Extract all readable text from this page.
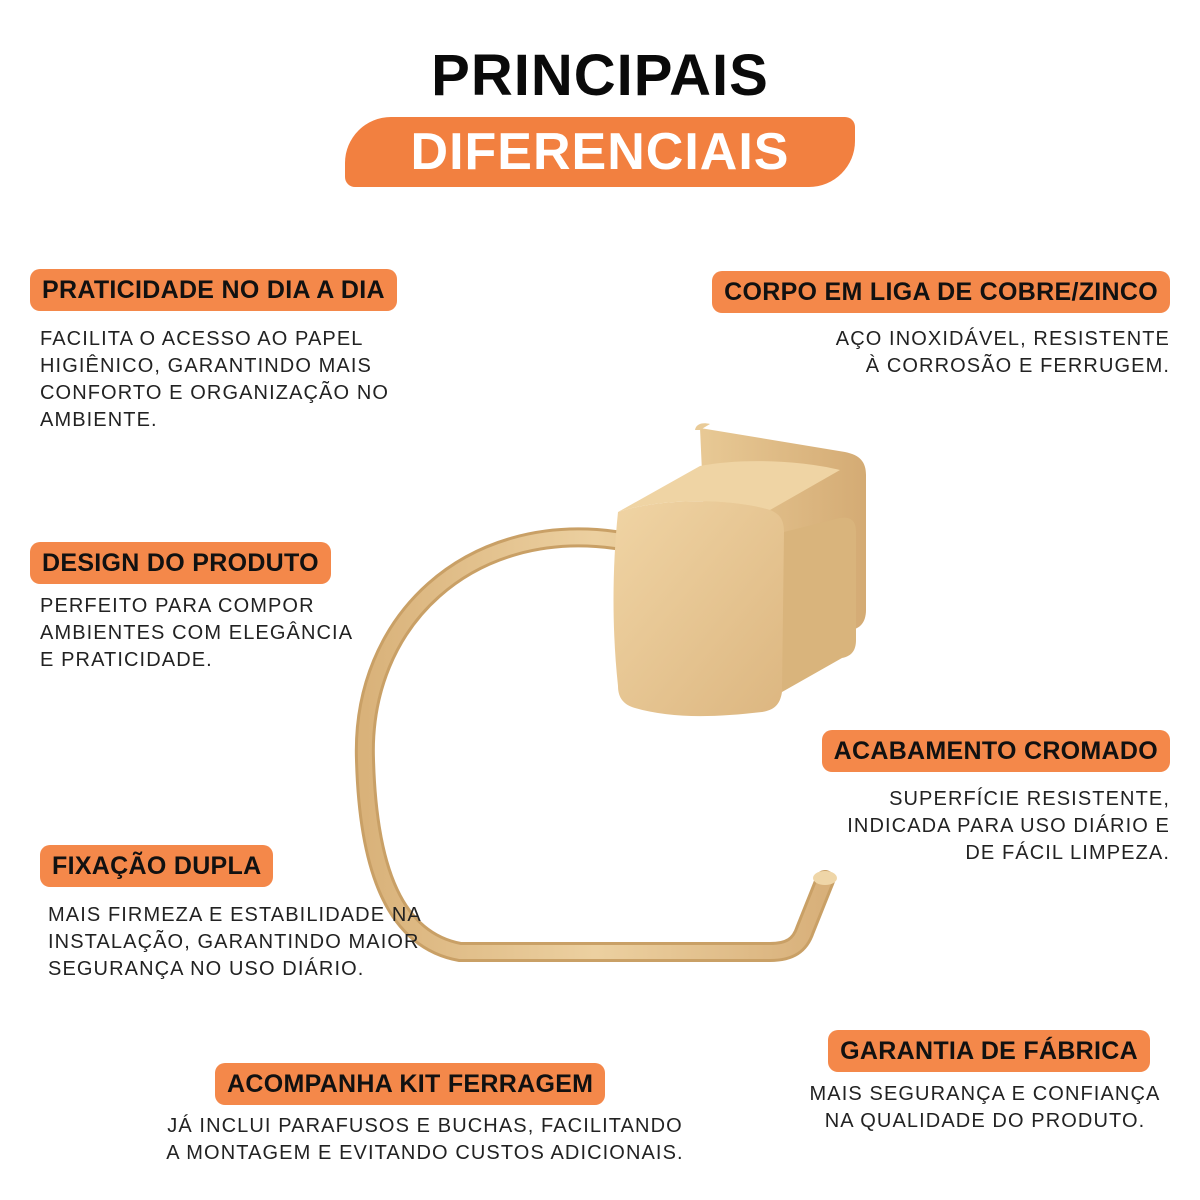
PRINCIPAIS
DIFERENCIAIS
PRATICIDADE NO DIA A DIA
FACILITA O ACESSO AO PAPEL
HIGIÊNICO, GARANTINDO MAIS
CONFORTO E ORGANIZAÇÃO NO
AMBIENTE.
CORPO EM LIGA DE COBRE/ZINCO
AÇO INOXIDÁVEL, RESISTENTE
À CORROSÃO E FERRUGEM.
DESIGN DO PRODUTO
PERFEITO PARA COMPOR
AMBIENTES COM ELEGÂNCIA
E PRATICIDADE.
ACABAMENTO CROMADO
SUPERFÍCIE RESISTENTE,
INDICADA PARA USO DIÁRIO E
DE FÁCIL LIMPEZA.
FIXAÇÃO DUPLA
MAIS FIRMEZA E ESTABILIDADE NA
INSTALAÇÃO, GARANTINDO MAIOR
SEGURANÇA NO USO DIÁRIO.
GARANTIA DE FÁBRICA
MAIS SEGURANÇA E CONFIANÇA
NA QUALIDADE DO PRODUTO.
ACOMPANHA KIT FERRAGEM
JÁ INCLUI PARAFUSOS E BUCHAS, FACILITANDO
A MONTAGEM E EVITANDO CUSTOS ADICIONAIS.
